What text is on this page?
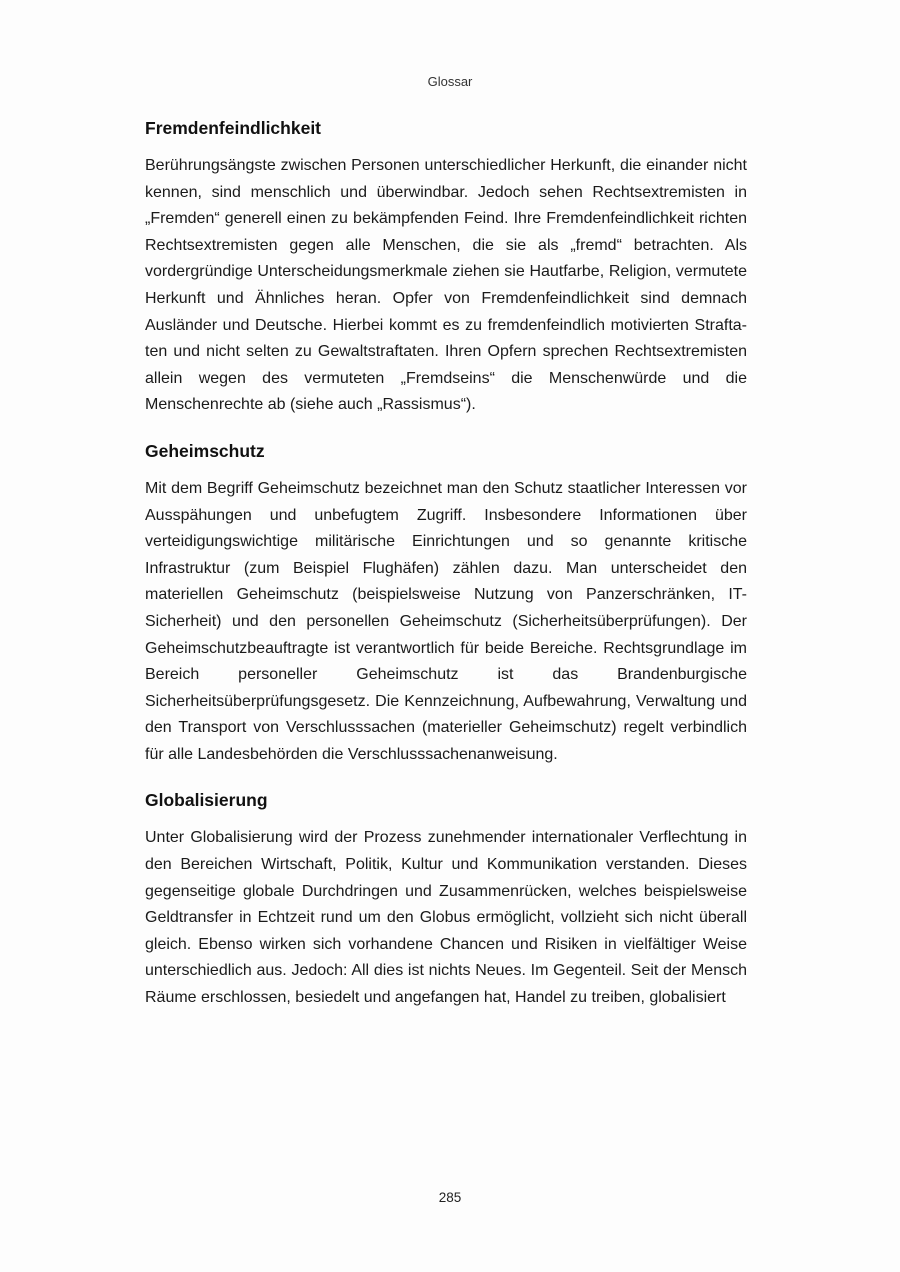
Glossar
Fremdenfeindlichkeit

Berührungsängste zwischen Personen unterschiedlicher Herkunft, die einander nicht kennen, sind menschlich und überwindbar. Jedoch sehen Rechtsextremisten in „Fremden“ generell einen zu bekämpfenden Feind. Ihre Fremdenfeindlichkeit richten Rechtsextremisten gegen alle Menschen, die sie als „fremd“ betrachten. Als vordergründige Unterscheidungsmerkmale ziehen sie Hautfarbe, Religion, vermutete Herkunft und Ähnliches heran. Opfer von Fremdenfeindlichkeit sind demnach Ausländer und Deutsche. Hierbei kommt es zu fremdenfeindlich motivierten Straftaten und nicht selten zu Gewaltstraftaten. Ihren Opfern sprechen Rechtsextremisten allein wegen des vermuteten „Fremdseins“ die Menschenwürde und die Menschenrechte ab (siehe auch „Rassismus“).

Geheimschutz

Mit dem Begriff Geheimschutz bezeichnet man den Schutz staatlicher Interessen vor Ausspähungen und unbefugtem Zugriff. Insbesondere Informationen über verteidigungswichtige militärische Einrichtungen und so genannte kritische Infrastruktur (zum Beispiel Flughäfen) zählen dazu. Man unterscheidet den materiellen Geheimschutz (beispielsweise Nutzung von Panzerschränken, IT-Sicherheit) und den personellen Geheimschutz (Sicherheitsüberprüfungen). Der Geheimschutzbeauftragte ist verantwortlich für beide Bereiche. Rechtsgrundlage im Bereich personeller Geheimschutz ist das Brandenburgische Sicherheitsüberprüfungsgesetz. Die Kennzeichnung, Aufbewahrung, Verwaltung und den Transport von Verschlusssachen (materieller Geheimschutz) regelt verbindlich für alle Landesbehörden die Verschlusssachenanweisung.

Globalisierung

Unter Globalisierung wird der Prozess zunehmender internationaler Verflechtung in den Bereichen Wirtschaft, Politik, Kultur und Kommunikation verstanden. Dieses gegenseitige globale Durchdringen und Zusammenrücken, welches beispielsweise Geldtransfer in Echtzeit rund um den Globus ermöglicht, vollzieht sich nicht überall gleich. Ebenso wirken sich vorhandene Chancen und Risiken in vielfältiger Weise unterschiedlich aus. Jedoch: All dies ist nichts Neues. Im Gegenteil. Seit der Mensch Räume erschlossen, besiedelt und angefangen hat, Handel zu treiben, globalisiert

285
